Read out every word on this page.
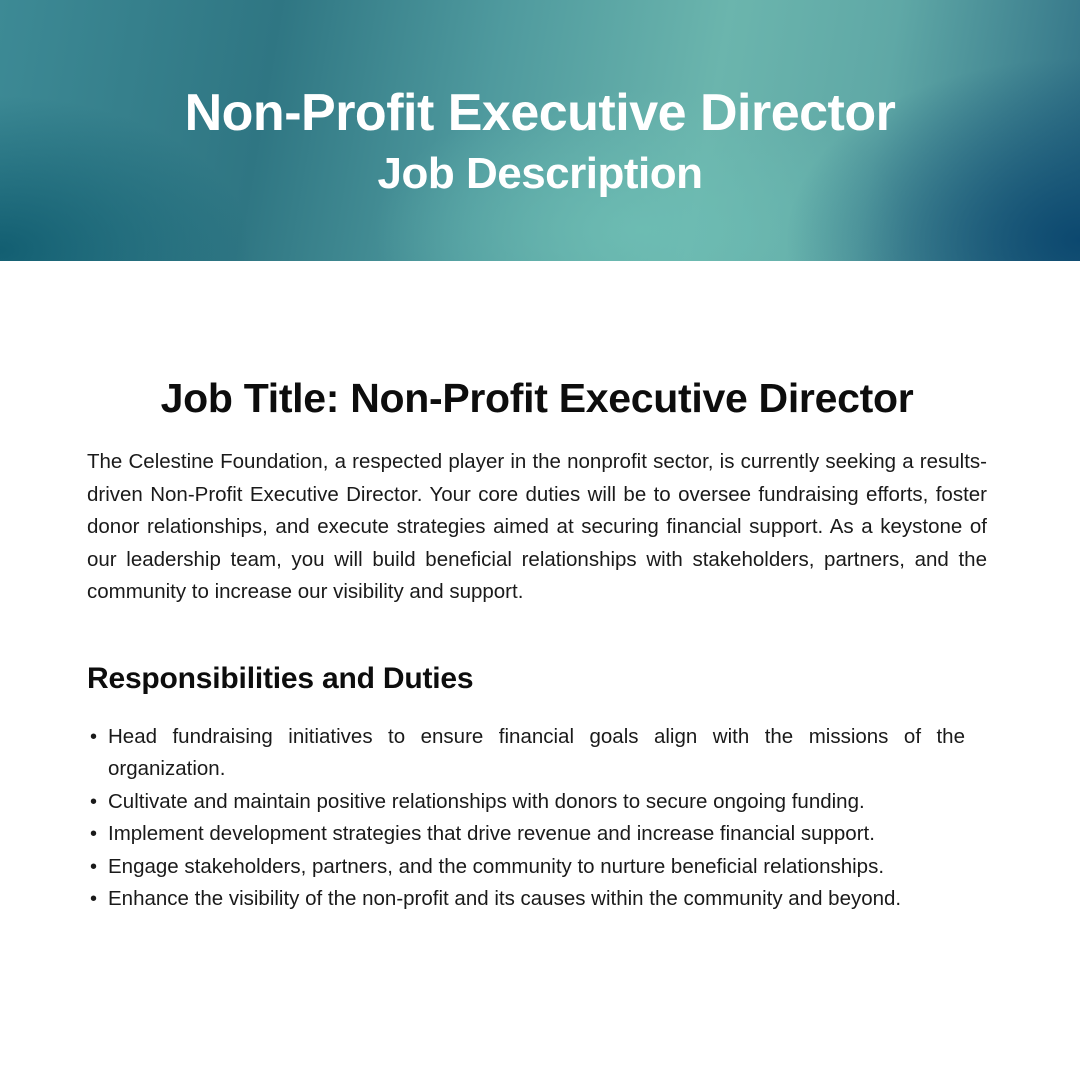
Non-Profit Executive Director
Job Description
Job Title: Non-Profit Executive Director

The Celestine Foundation, a respected player in the nonprofit sector, is currently seeking a results-driven Non-Profit Executive Director. Your core duties will be to oversee fundraising efforts, foster donor relationships, and execute strategies aimed at securing financial support. As a keystone of our leadership team, you will build beneficial relationships with stakeholders, partners, and the community to increase our visibility and support.

Responsibilities and Duties
• Head fundraising initiatives to ensure financial goals align with the missions of the organization.
• Cultivate and maintain positive relationships with donors to secure ongoing funding.
• Implement development strategies that drive revenue and increase financial support.
• Engage stakeholders, partners, and the community to nurture beneficial relationships.
• Enhance the visibility of the non-profit and its causes within the community and beyond.
